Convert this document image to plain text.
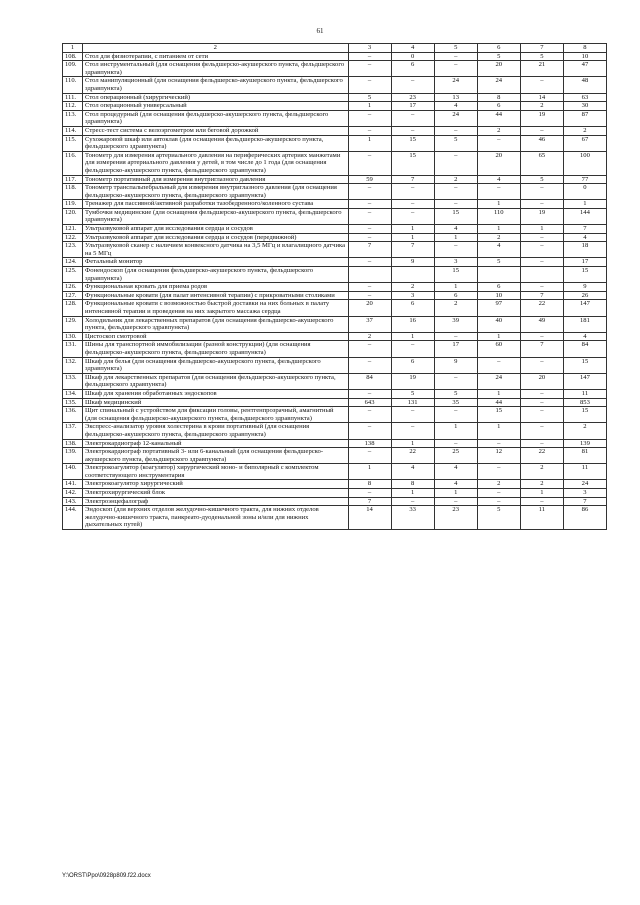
61
1	2	3	4	5	6	7	8
108.	Стол для физиотерапии, с питанием от сети	–	0	–	5	5	10
109.	Стол инструментальный (для оснащения фельдшерско-акушерского пункта, фельдшерского здравпункта)	–	6	–	20	21	47
110.	Стол манипуляционный (для оснащения фельдшерско-акушерского пункта, фельдшерского здравпункта)	–	–	24	24	–	48
111.	Стол операционный (хирургический)	5	23	13	8	14	63
112.	Стол операционный универсальный	1	17	4	6	2	30
113.	Стол процедурный (для оснащения фельдшерско-акушерского пункта, фельдшерского здравпункта)	–	–	24	44	19	87
114.	Стресс-тест система с велоэргометром или беговой дорожкой	–	–	–	2	–	2
115.	Сухожаровой шкаф или автоклав (для оснащения фельдшерско-акушерского пункта, фельдшерского здравпункта)	1	15	5	–	46	67
116.	Тонометр для измерения артериального давления на периферических артериях манжетами для измерения артериального давления у детей, в том числе до 1 года (для оснащения фельдшерско-акушерского пункта, фельдшерского здравпункта)	–	15	–	20	65	100
117.	Тонометр портативный для измерения внутриглазного давления	59	7	2	4	5	77
118.	Тонометр транспальпебральный для измерения внутриглазного давления (для оснащения фельдшерско-акушерского пункта, фельдшерского здравпункта)	–	–	–	–	–	0
119.	Тренажер для пассивной/активной разработки тазобедренного/коленного сустава	–	–	–	1	–	1
120.	Тумбочки медицинские (для оснащения фельдшерско-акушерского пункта, фельдшерского здравпункта)	–	–	15	110	19	144
121.	Ультразвуковой аппарат для исследования сердца и сосудов	–	1	4	1	1	7
122.	Ультразвуковой аппарат для исследования сердца и сосудов (передвижной)	–	1	1	2	–	4
123.	Ультразвуковой сканер с наличием конвексного датчика на 3,5 МГц и влагалищного датчика на 5 МГц	7	7	–	4	–	18
124.	Фетальный монитор	–	9	3	5	–	17
125.	Фонендоскоп (для оснащения фельдшерско-акушерского пункта, фельдшерского здравпункта)			15			15
126.	Функциональная кровать для приема родов	–	2	1	6	–	9
127.	Функциональные кровати (для палат интенсивной терапии) с прикроватными столиками	–	3	6	10	7	26
128.	Функциональные кровати с возможностью быстрой доставки на них больных в палату интенсивной терапии и проведения на них закрытого массажа сердца	20	6	2	97	22	147
129.	Холодильник для лекарственных препаратов (для оснащения фельдшерско-акушерского пункта, фельдшерского здравпункта)	37	16	39	40	49	181
130.	Цистоскоп смотровой	2	1	–	1	–	4
131.	Шины для транспортной иммобилизации (разной конструкции) (для оснащения фельдшерско-акушерского пункта, фельдшерского здравпункта)	–	–	17	60	7	84
132.	Шкаф для белья (для оснащения фельдшерско-акушерского пункта, фельдшерского здравпункта)	–	6	9	–	–	15
133.	Шкаф для лекарственных препаратов (для оснащения фельдшерско-акушерского пункта, фельдшерского здравпункта)	84	19	–	24	20	147
134.	Шкаф для хранения обработанных эндоскопов	–	5	5	1	–	11
135.	Шкаф медицинский	643	131	35	44	–	853
136.	Щит спинальный с устройством для фиксации головы, рентгенпрозрачный, амагнитный (для оснащения фельдшерско-акушерского пункта, фельдшерского здравпункта)	–	–	–	15	–	15
137.	Экспресс-анализатор уровня холестерина в крови портативный (для оснащения фельдшерско-акушерского пункта, фельдшерского здравпункта)	–	–	1	1	–	2
138.	Электрокардиограф 12-канальный	138	1	–	–	–	139
139.	Электрокардиограф портативный 3- или 6-канальный (для оснащения фельдшерско-акушерского пункта, фельдшерского здравпункта)	–	22	25	12	22	81
140.	Электрокоагулятор (коагулятор) хирургический моно- и биполярный с комплектом соответствующего инструментария	1	4	4	–	2	11
141.	Электрокоагулятор хирургический	8	8	4	2	2	24
142.	Электрохирургический блок	–	1	1	–	1	3
143.	Электроэнцефалограф	7	–	–	–	–	7
144.	Эндоскоп (для верхних отделов желудочно-кишечного тракта, для нижних отделов желудочно-кишечного тракта, панкреато-дуоденальной зоны и/или для нижних дыхательных путей)	14	33	23	5	11	86
Y:\ORST\Ppo\0928p809.f22.docx
